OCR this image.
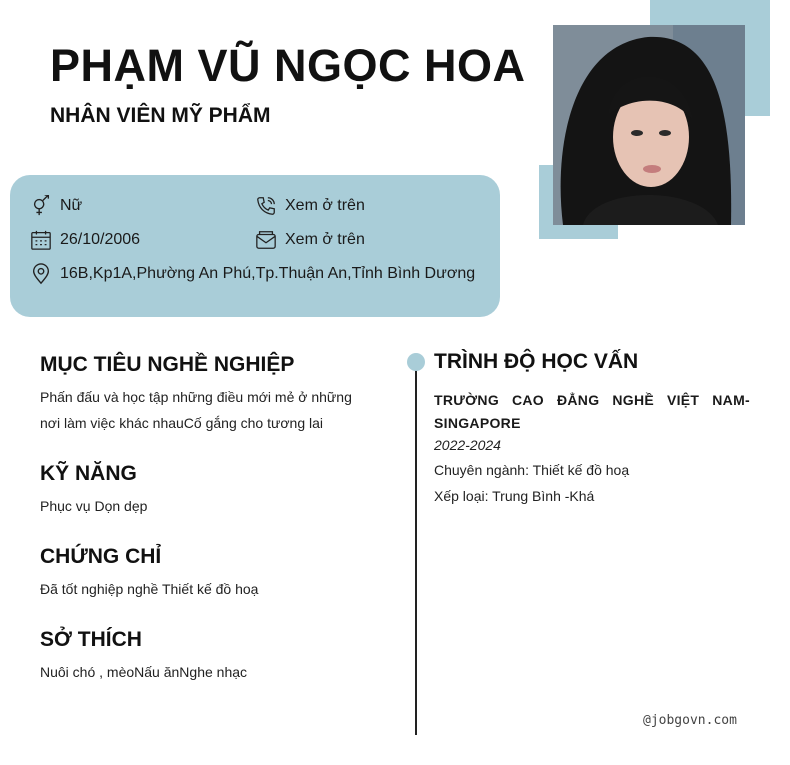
PHẠM VŨ NGỌC HOA
NHÂN VIÊN MỸ PHẨM
Nữ
26/10/2006
16B,Kp1A,Phường An Phú,Tp.Thuận An,Tỉnh Bình Dương
Xem ở trên
Xem ở trên
MỤC TIÊU NGHỀ NGHIỆP
Phấn đấu và học tập những điều mới mẻ ở những
nơi làm việc khác nhauCố gắng cho tương lai
KỸ NĂNG
Phục vụ Dọn dẹp
CHỨNG CHỈ
Đã tốt nghiệp nghề Thiết kế đồ hoạ
SỞ THÍCH
Nuôi chó , mèoNấu ănNghe nhạc
TRÌNH ĐỘ HỌC VẤN
TRƯỜNG CAO ĐẲNG NGHỀ VIỆT NAM-SINGAPORE
2022-2024
Chuyên ngành: Thiết kế đồ hoạ
Xếp loại: Trung Bình -Khá
@jobgovn.com
